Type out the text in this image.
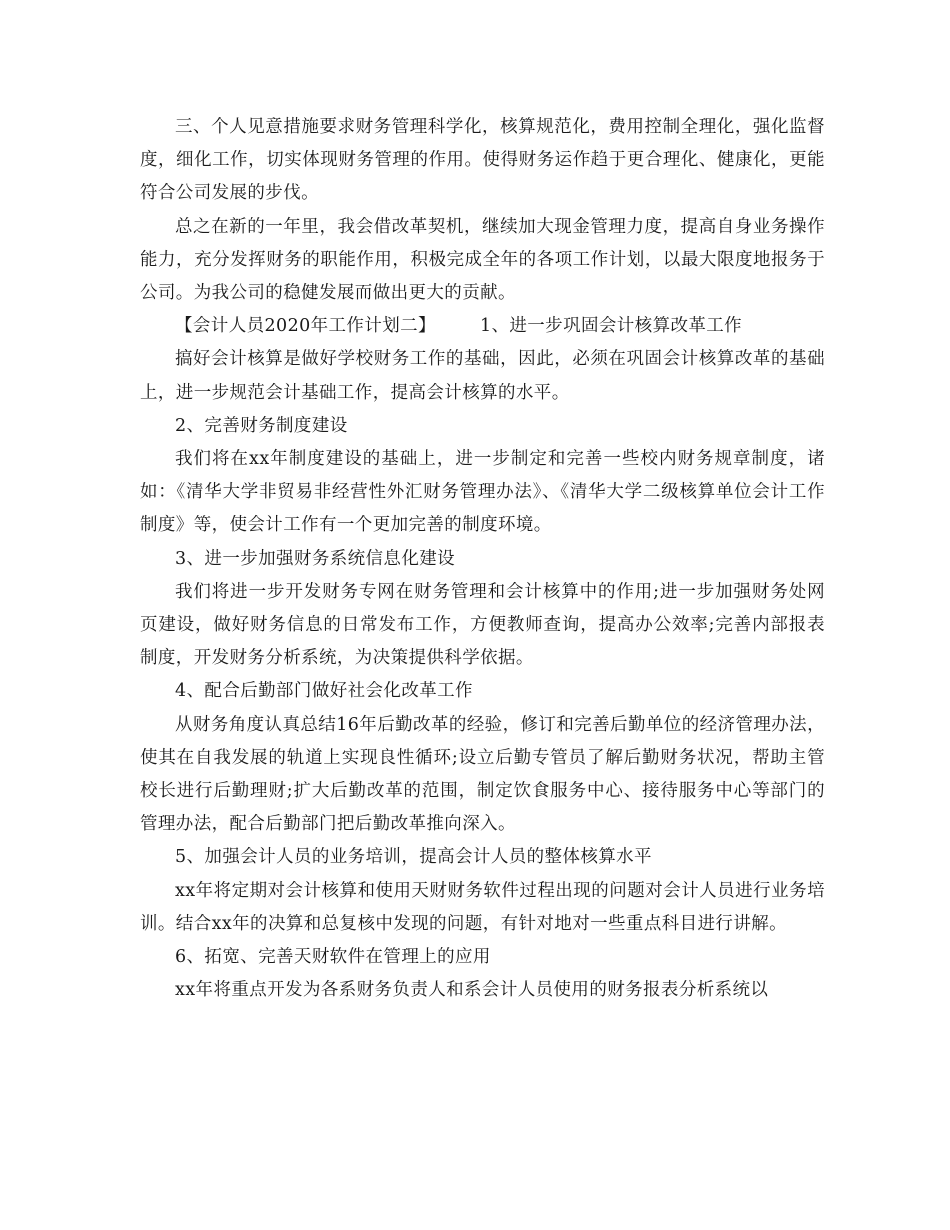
三、个人见意措施要求财务管理科学化，核算规范化，费用控制全理化，强化监督度，细化工作，切实体现财务管理的作用。使得财务运作趋于更合理化、健康化，更能符合公司发展的步伐。

总之在新的一年里，我会借改革契机，继续加大现金管理力度，提高自身业务操作能力，充分发挥财务的职能作用，积极完成全年的各项工作计划，以最大限度地报务于公司。为我公司的稳健发展而做出更大的贡献。

【会计人员2020年工作计划二】	1、进一步巩固会计核算改革工作

搞好会计核算是做好学校财务工作的基础，因此，必须在巩固会计核算改革的基础上，进一步规范会计基础工作，提高会计核算的水平。

2、完善财务制度建设

我们将在xx年制度建设的基础上，进一步制定和完善一些校内财务规章制度，诸如：《清华大学非贸易非经营性外汇财务管理办法》、《清华大学二级核算单位会计工作制度》等，使会计工作有一个更加完善的制度环境。

3、进一步加强财务系统信息化建设

我们将进一步开发财务专网在财务管理和会计核算中的作用;进一步加强财务处网页建设，做好财务信息的日常发布工作，方便教师查询，提高办公效率;完善内部报表制度，开发财务分析系统，为决策提供科学依据。

4、配合后勤部门做好社会化改革工作

从财务角度认真总结16年后勤改革的经验，修订和完善后勤单位的经济管理办法，使其在自我发展的轨道上实现良性循环;设立后勤专管员了解后勤财务状况，帮助主管校长进行后勤理财;扩大后勤改革的范围，制定饮食服务中心、接待服务中心等部门的管理办法，配合后勤部门把后勤改革推向深入。

5、加强会计人员的业务培训，提高会计人员的整体核算水平

xx年将定期对会计核算和使用天财财务软件过程出现的问题对会计人员进行业务培训。结合xx年的决算和总复核中发现的问题，有针对地对一些重点科目进行讲解。

6、拓宽、完善天财软件在管理上的应用

xx年将重点开发为各系财务负责人和系会计人员使用的财务报表分析系统以
